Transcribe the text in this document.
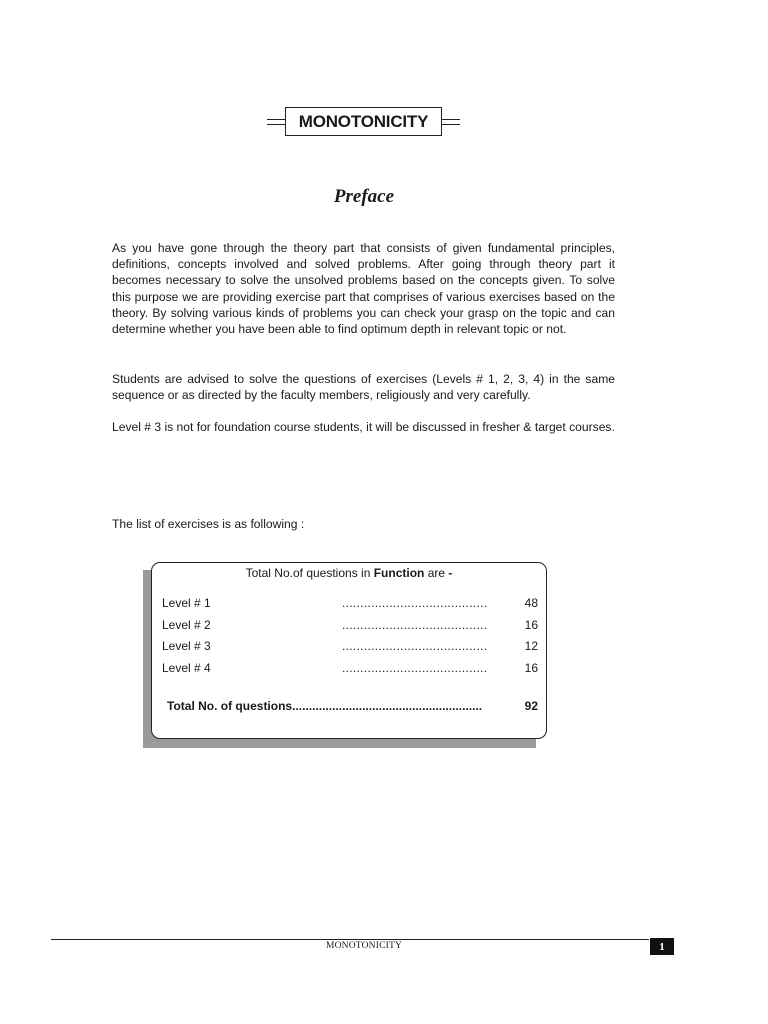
MONOTONICITY
Preface

As you have gone through the theory part that consists of given fundamental principles, definitions, concepts involved and solved problems. After going through theory part it becomes necessary to solve the unsolved problems based on the concepts given. To solve this purpose we are providing exercise part that comprises of various exercises based on the theory. By solving various kinds of problems you can check your grasp on the topic and can determine whether you have been able to find optimum depth in relevant topic or not.

Students are advised to solve the questions of exercises (Levels # 1, 2, 3, 4) in the same sequence or as directed by the faculty members, religiously and very carefully.

Level # 3 is not for foundation course students, it will be discussed in fresher & target courses.

The list of exercises is as following :

Total No.of questions in Function are -
Level # 1	........................................	48
Level # 2	........................................	16
Level # 3	........................................	12
Level # 4	........................................	16
Total No. of questions.........................................................	92
MONOTONICITY	1
